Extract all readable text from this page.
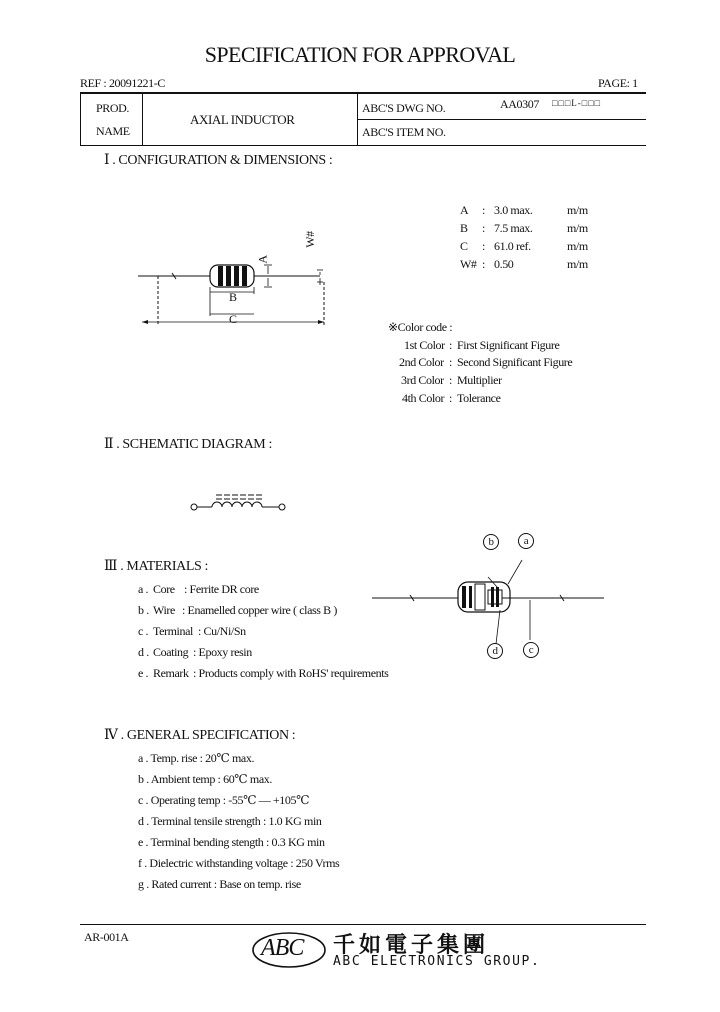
SPECIFICATION FOR APPROVAL
REF : 20091221-C	PAGE: 1
PROD.
NAME
AXIAL INDUCTOR
ABC'S DWG NO.	AA0307 □□□L-□□□
ABC'S ITEM NO.
Ⅰ . CONFIGURATION & DIMENSIONS :
B
C
A
W#
A : 3.0 max.	m/m
B : 7.5 max.	m/m
C : 61.0 ref.	m/m
W# : 0.50	m/m
※Color code :
1st Color : First Significant Figure
2nd Color : Second Significant Figure
3rd Color : Multiplier
4th Color : Tolerance
Ⅱ . SCHEMATIC DIAGRAM :
Ⅲ . MATERIALS :
a . Core : Ferrite DR core
b . Wire : Enamelled copper wire ( class B )
c . Terminal : Cu/Ni/Sn
d . Coating : Epoxy resin
e . Remark : Products comply with RoHS' requirements
b	a
d	c
Ⅳ . GENERAL SPECIFICATION :
a . Temp. rise : 20℃ max.
b . Ambient temp : 60℃ max.
c . Operating temp : -55℃ — +105℃
d . Terminal tensile strength : 1.0 KG min
e . Terminal bending stength : 0.3 KG min
f . Dielectric withstanding voltage : 250 Vrms
g . Rated current : Base on temp. rise
AR-001A	ABC 千如電子集團
ABC ELECTRONICS GROUP.
